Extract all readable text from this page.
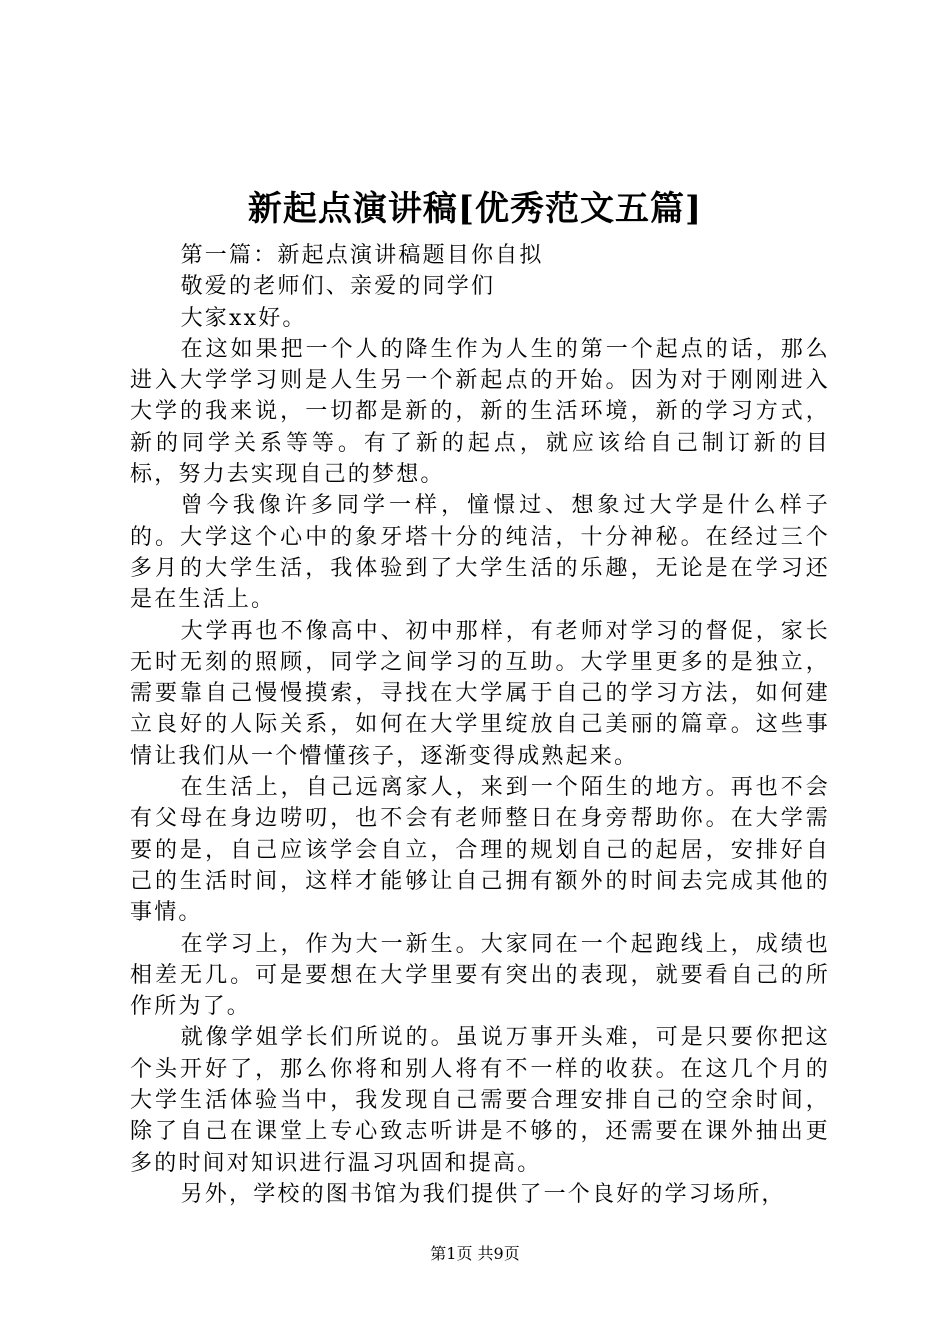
新起点演讲稿[优秀范文五篇]

第一篇：新起点演讲稿题目你自拟

敬爱的老师们、亲爱的同学们

大家xx好。

在这如果把一个人的降生作为人生的第一个起点的话，那么进入大学学习则是人生另一个新起点的开始。因为对于刚刚进入大学的我来说，一切都是新的，新的生活环境，新的学习方式，新的同学关系等等。有了新的起点，就应该给自己制订新的目标，努力去实现自己的梦想。

曾今我像许多同学一样，憧憬过、想象过大学是什么样子的。大学这个心中的象牙塔十分的纯洁，十分神秘。在经过三个多月的大学生活，我体验到了大学生活的乐趣，无论是在学习还是在生活上。

大学再也不像高中、初中那样，有老师对学习的督促，家长无时无刻的照顾，同学之间学习的互助。大学里更多的是独立，需要靠自己慢慢摸索，寻找在大学属于自己的学习方法，如何建立良好的人际关系，如何在大学里绽放自己美丽的篇章。这些事情让我们从一个懵懂孩子，逐渐变得成熟起来。

在生活上，自己远离家人，来到一个陌生的地方。再也不会有父母在身边唠叨，也不会有老师整日在身旁帮助你。在大学需要的是，自己应该学会自立，合理的规划自己的起居，安排好自己的生活时间，这样才能够让自己拥有额外的时间去完成其他的事情。

在学习上，作为大一新生。大家同在一个起跑线上，成绩也相差无几。可是要想在大学里要有突出的表现，就要看自己的所作所为了。

就像学姐学长们所说的。虽说万事开头难，可是只要你把这个头开好了，那么你将和别人将有不一样的收获。在这几个月的大学生活体验当中，我发现自己需要合理安排自己的空余时间，除了自己在课堂上专心致志听讲是不够的，还需要在课外抽出更多的时间对知识进行温习巩固和提高。

另外，学校的图书馆为我们提供了一个良好的学习场所，

第1页 共9页
